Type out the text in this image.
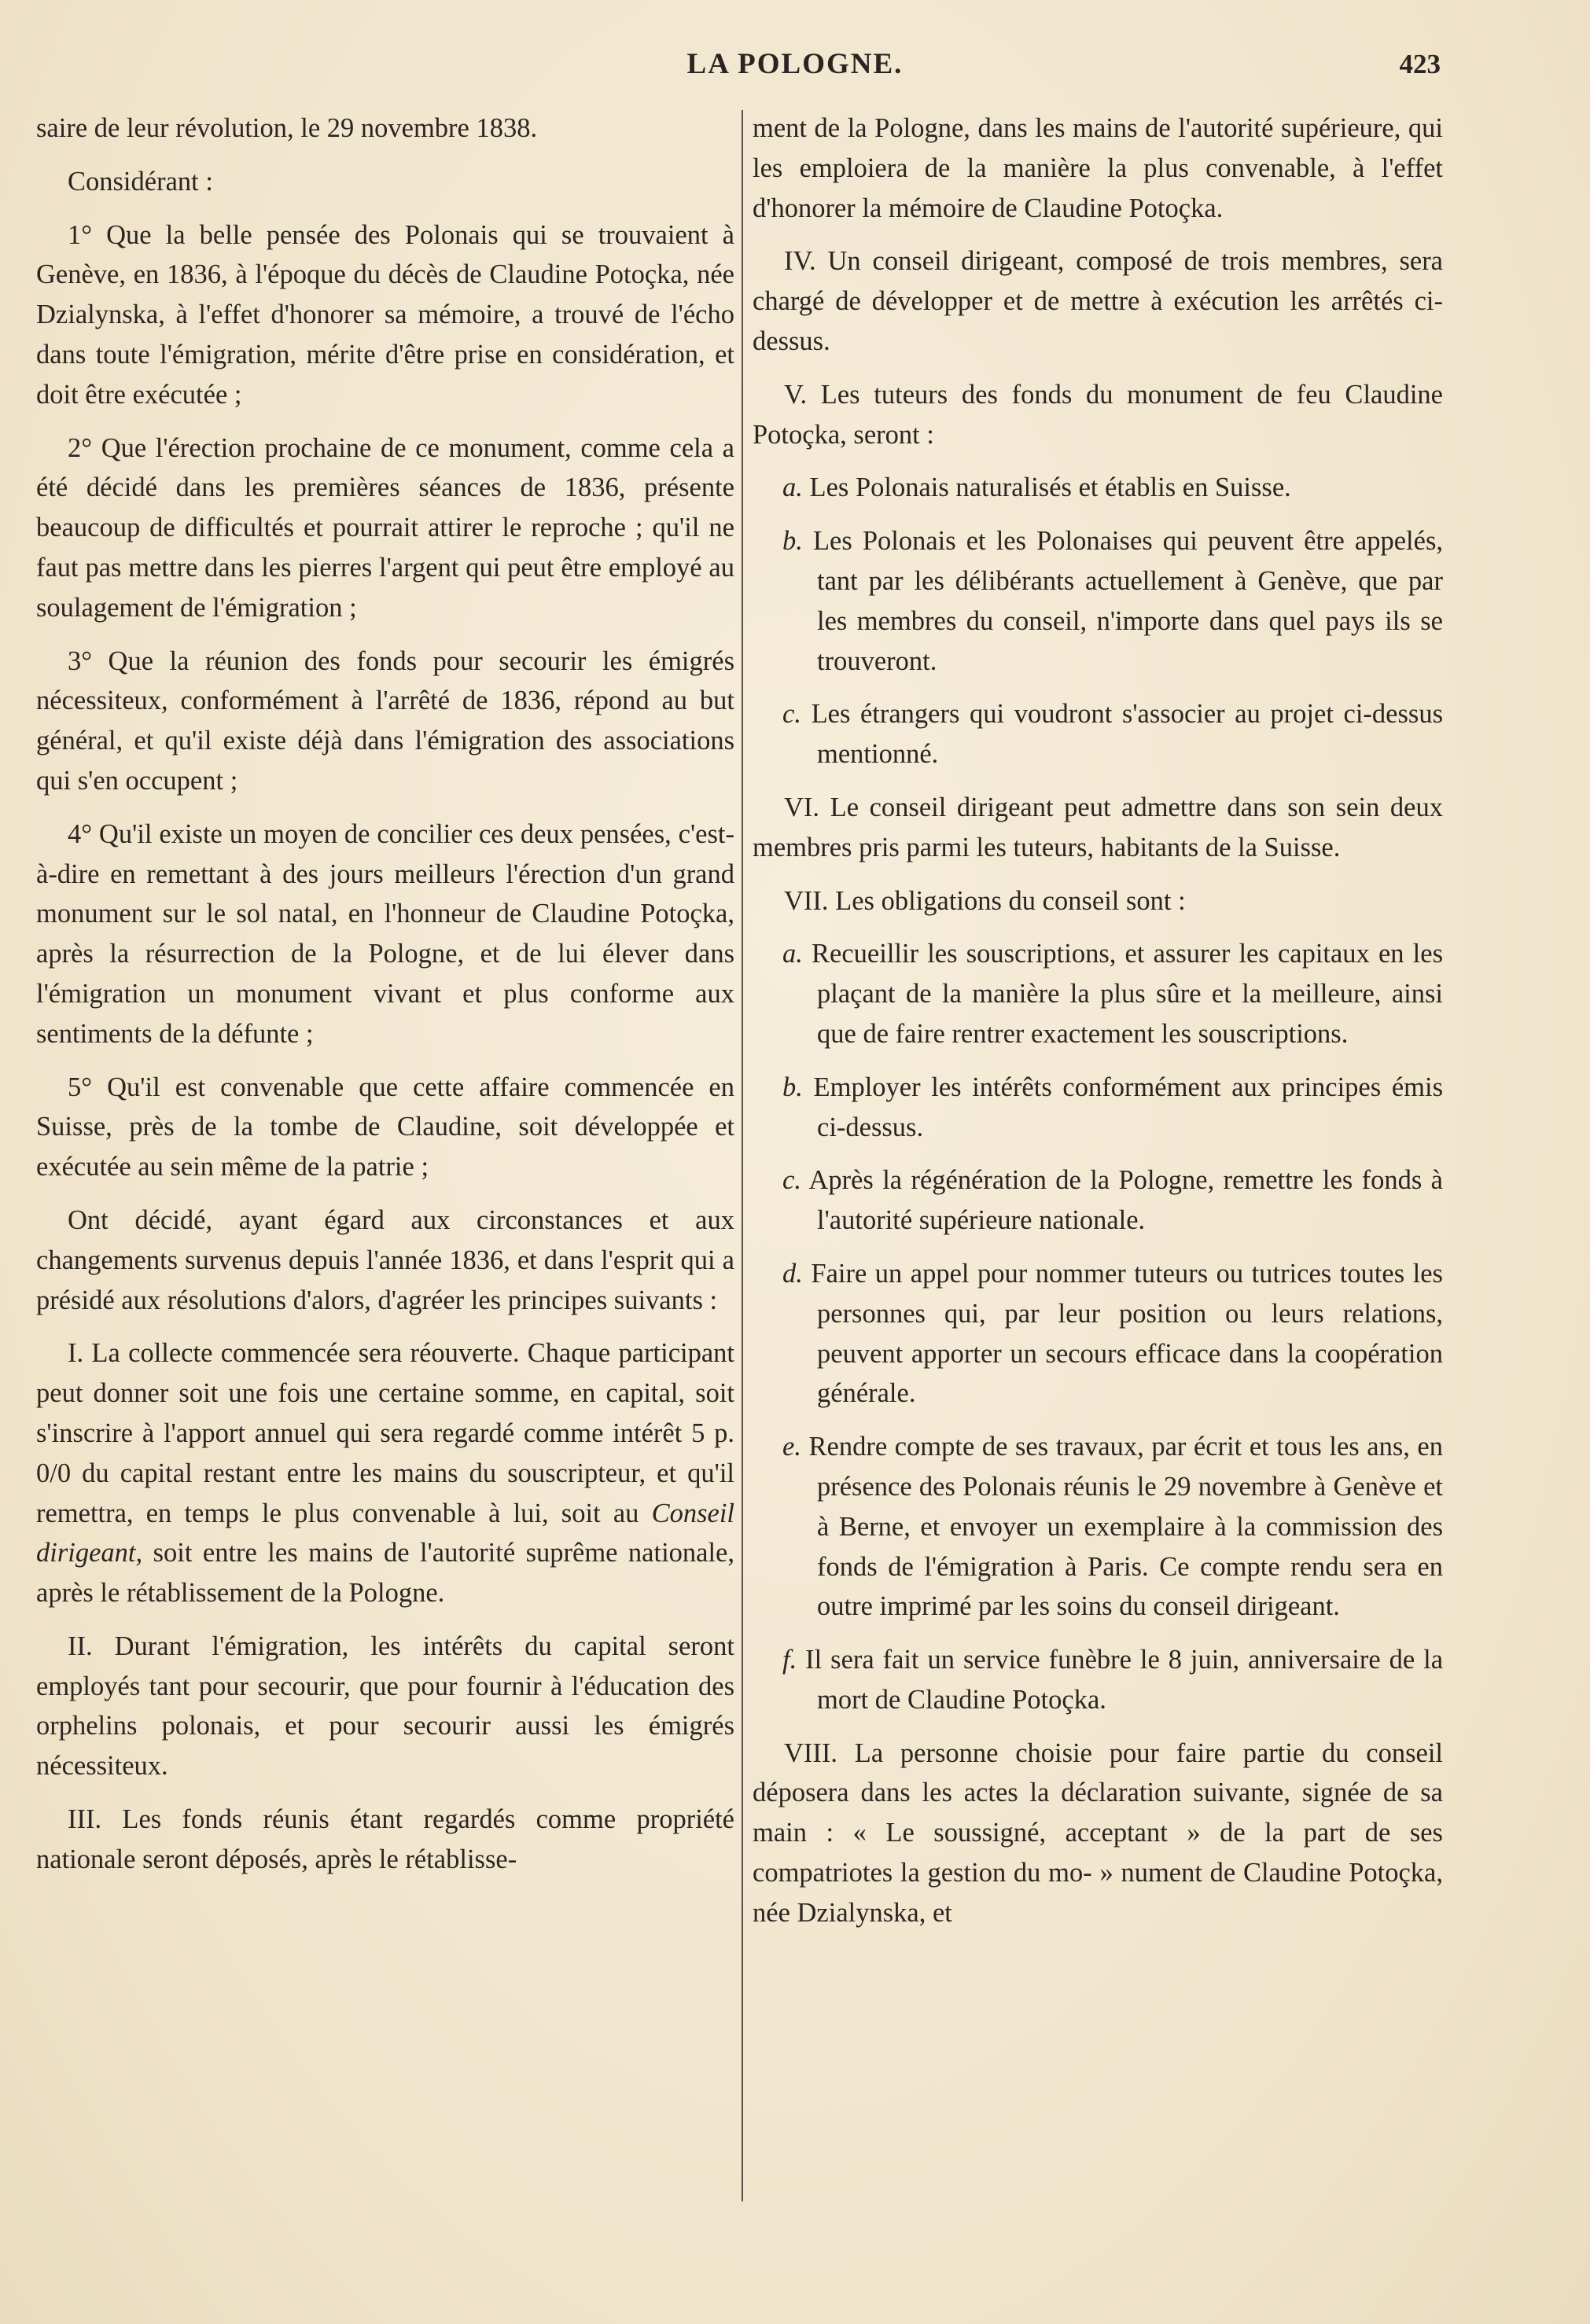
LA POLOGNE.	423

saire de leur révolution, le 29 novembre 1838.

Considérant :

1° Que la belle pensée des Polonais qui se trouvaient à Genève, en 1836, à l'époque du décès de Claudine Potoçka, née Dzialynska, à l'effet d'honorer sa mémoire, a trouvé de l'écho dans toute l'émigration, mérite d'être prise en considération, et doit être exécutée ;

2° Que l'érection prochaine de ce monument, comme cela a été décidé dans les premières séances de 1836, présente beaucoup de difficultés et pourrait attirer le reproche ; qu'il ne faut pas mettre dans les pierres l'argent qui peut être employé au soulagement de l'émigration ;

3° Que la réunion des fonds pour secourir les émigrés nécessiteux, conformément à l'arrêté de 1836, répond au but général, et qu'il existe déjà dans l'émigration des associations qui s'en occupent ;

4° Qu'il existe un moyen de concilier ces deux pensées, c'est-à-dire en remettant à des jours meilleurs l'érection d'un grand monument sur le sol natal, en l'honneur de Claudine Potoçka, après la résurrection de la Pologne, et de lui élever dans l'émigration un monument vivant et plus conforme aux sentiments de la défunte ;

5° Qu'il est convenable que cette affaire commencée en Suisse, près de la tombe de Claudine, soit développée et exécutée au sein même de la patrie ;

Ont décidé, ayant égard aux circonstances et aux changements survenus depuis l'année 1836, et dans l'esprit qui a présidé aux résolutions d'alors, d'agréer les principes suivants :

I. La collecte commencée sera réouverte. Chaque participant peut donner soit une fois une certaine somme, en capital, soit s'inscrire à l'apport annuel qui sera regardé comme intérêt 5 p. 0/0 du capital restant entre les mains du souscripteur, et qu'il remettra, en temps le plus convenable à lui, soit au Conseil dirigeant, soit entre les mains de l'autorité suprême nationale, après le rétablissement de la Pologne.

II. Durant l'émigration, les intérêts du capital seront employés tant pour secourir, que pour fournir à l'éducation des orphelins polonais, et pour secourir aussi les émigrés nécessiteux.

III. Les fonds réunis étant regardés comme propriété nationale seront déposés, après le rétablisse-

ment de la Pologne, dans les mains de l'autorité supérieure, qui les emploiera de la manière la plus convenable, à l'effet d'honorer la mémoire de Claudine Potoçka.

IV. Un conseil dirigeant, composé de trois membres, sera chargé de développer et de mettre à exécution les arrêtés ci-dessus.

V. Les tuteurs des fonds du monument de feu Claudine Potoçka, seront :

a. Les Polonais naturalisés et établis en Suisse.

b. Les Polonais et les Polonaises qui peuvent être appelés, tant par les délibérants actuellement à Genève, que par les membres du conseil, n'importe dans quel pays ils se trouveront.

c. Les étrangers qui voudront s'associer au projet ci-dessus mentionné.

VI. Le conseil dirigeant peut admettre dans son sein deux membres pris parmi les tuteurs, habitants de la Suisse.

VII. Les obligations du conseil sont :

a. Recueillir les souscriptions, et assurer les capitaux en les plaçant de la manière la plus sûre et la meilleure, ainsi que de faire rentrer exactement les souscriptions.

b. Employer les intérêts conformément aux principes émis ci-dessus.

c. Après la régénération de la Pologne, remettre les fonds à l'autorité supérieure nationale.

d. Faire un appel pour nommer tuteurs ou tutrices toutes les personnes qui, par leur position ou leurs relations, peuvent apporter un secours efficace dans la coopération générale.

e. Rendre compte de ses travaux, par écrit et tous les ans, en présence des Polonais réunis le 29 novembre à Genève et à Berne, et envoyer un exemplaire à la commission des fonds de l'émigration à Paris. Ce compte rendu sera en outre imprimé par les soins du conseil dirigeant.

f. Il sera fait un service funèbre le 8 juin, anniversaire de la mort de Claudine Potoçka.

VIII. La personne choisie pour faire partie du conseil déposera dans les actes la déclaration suivante, signée de sa main : « Le soussigné, acceptant » de la part de ses compatriotes la gestion du mo- » nument de Claudine Potoçka, née Dzialynska, et
